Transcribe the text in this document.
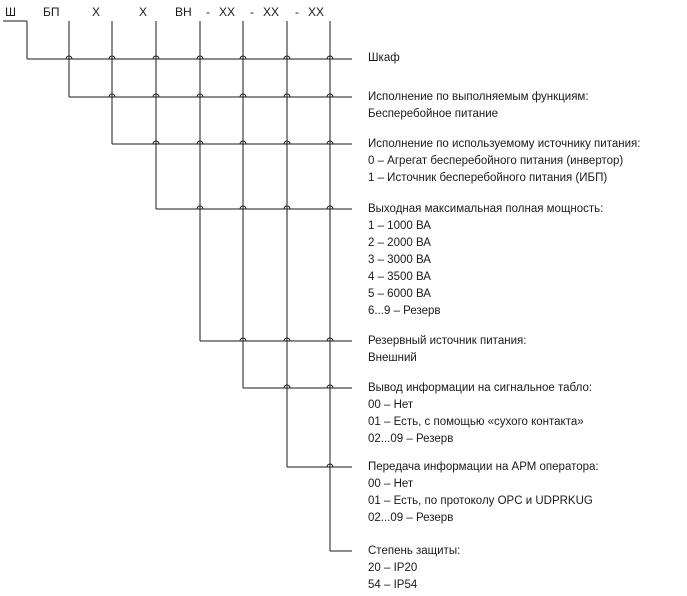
Ш БП	Х	Х ВН - ХХ - ХХ - ХХ
Шкаф
Исполнение по выполняемым функциям:
Бесперебойное питание
Исполнение по используемому источнику питания:
0 – Агрегат бесперебойного питания (инвертор)
1 – Источник бесперебойного питания (ИБП)
Выходная максимальная полная мощность:
1 – 1000 ВА
2 – 2000 ВА
3 – 3000 ВА
4 – 3500 ВА
5 – 6000 ВА
6...9 – Резерв
Резервный источник питания:
Внешний
Вывод информации на сигнальное табло:
00 – Нет
01 – Есть, с помощью «сухого контакта»
02...09 – Резерв
Передача информации на АРМ оператора:
00 – Нет
01 – Есть, по протоколу OPC и UDPRKUG
02...09 – Резерв
Степень защиты:
20 – IP20
54 – IP54
